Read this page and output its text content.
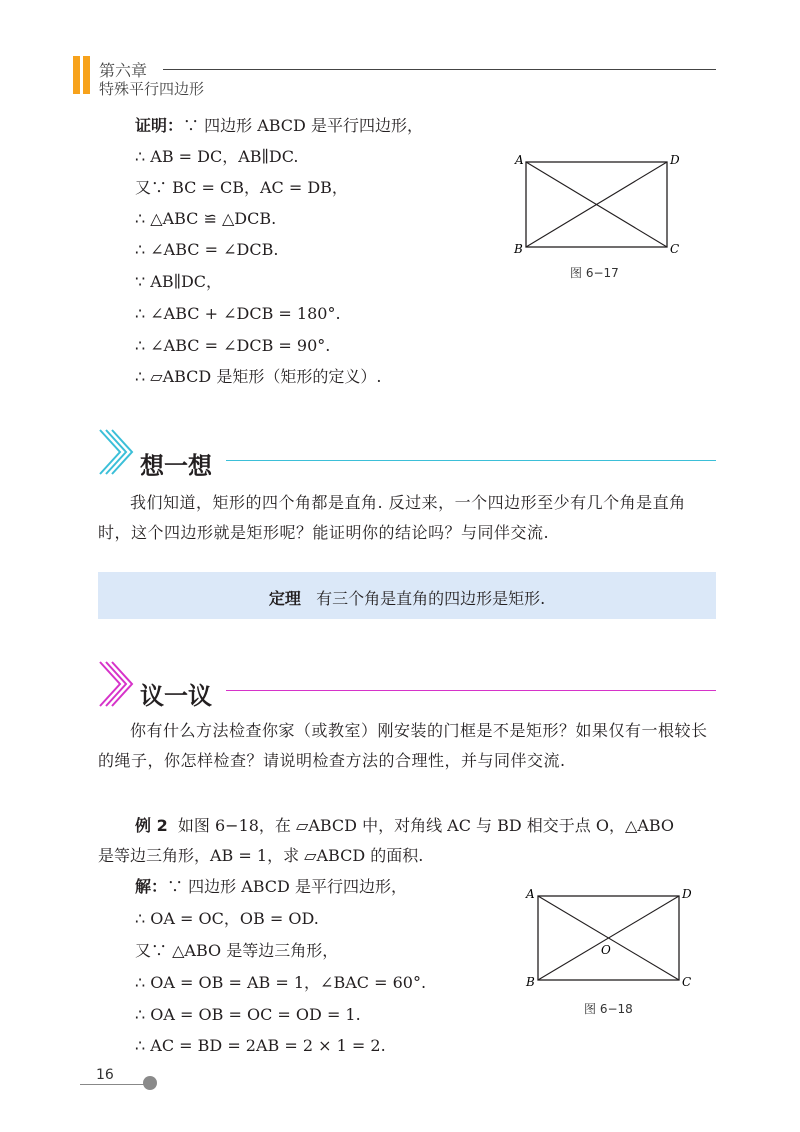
第六章
特殊平行四边形
证明：∵ 四边形 ABCD 是平行四边形，
∴ AB = DC，AB∥DC.
又∵ BC = CB，AC = DB，
∴ △ABC ≌ △DCB.
∴ ∠ABC = ∠DCB.
∵ AB∥DC，
∴ ∠ABC + ∠DCB = 180°.
∴ ∠ABC = ∠DCB = 90°.
∴ ▱ABCD 是矩形（矩形的定义）.
A	D
B	C
图 6−17
想一想
我们知道，矩形的四个角都是直角. 反过来，一个四边形至少有几个角是直角时，这个四边形就是矩形呢？能证明你的结论吗？与同伴交流.
定理 有三个角是直角的四边形是矩形.
议一议
你有什么方法检查你家（或教室）刚安装的门框是不是矩形？如果仅有一根较长的绳子，你怎样检查？请说明检查方法的合理性，并与同伴交流.
例 2 如图 6−18，在 ▱ABCD 中，对角线 AC 与 BD 相交于点 O，△ABO
是等边三角形，AB = 1，求 ▱ABCD 的面积.
解：∵ 四边形 ABCD 是平行四边形，
∴ OA = OC，OB = OD.
又∵ △ABO 是等边三角形，
∴ OA = OB = AB = 1，∠BAC = 60°.
∴ OA = OB = OC = OD = 1.
∴ AC = BD = 2AB = 2 × 1 = 2.
A	D
B	C
O
图 6−18
16
